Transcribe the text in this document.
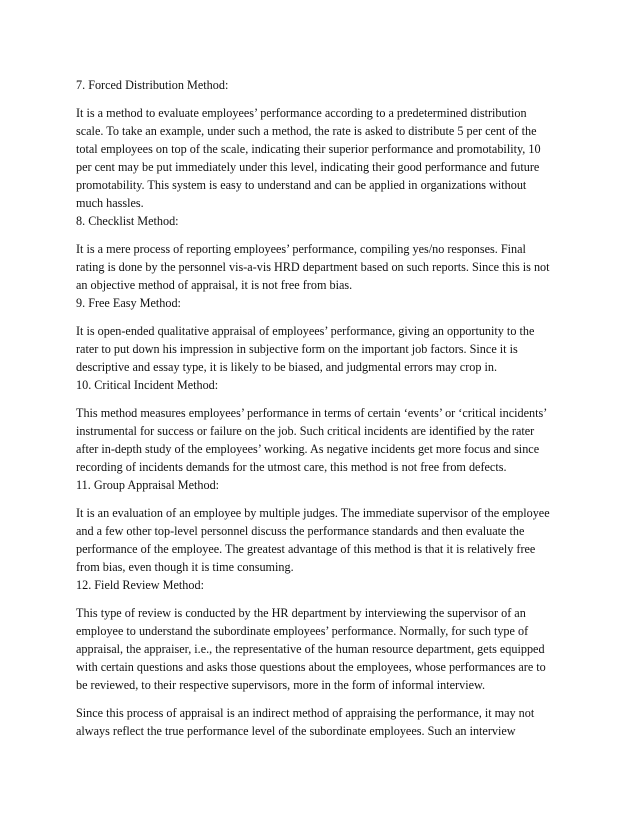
7. Forced Distribution Method:
It is a method to evaluate employees’ performance according to a predetermined distribution
scale. To take an example, under such a method, the rate is asked to distribute 5 per cent of the
total employees on top of the scale, indicating their superior performance and promotability, 10
per cent may be put immediately under this level, indicating their good performance and future
promotability. This system is easy to understand and can be applied in organizations without
much hassles.
8. Checklist Method:
It is a mere process of reporting employees’ performance, compiling yes/no responses. Final
rating is done by the personnel vis-a-vis HRD department based on such reports. Since this is not
an objective method of appraisal, it is not free from bias.
9. Free Easy Method:
It is open-ended qualitative appraisal of employees’ performance, giving an opportunity to the
rater to put down his impression in subjective form on the important job factors. Since it is
descriptive and essay type, it is likely to be biased, and judgmental errors may crop in.
10. Critical Incident Method:
This method measures employees’ performance in terms of certain ‘events’ or ‘critical incidents’
instrumental for success or failure on the job. Such critical incidents are identified by the rater
after in-depth study of the employees’ working. As negative incidents get more focus and since
recording of incidents demands for the utmost care, this method is not free from defects.
11. Group Appraisal Method:
It is an evaluation of an employee by multiple judges. The immediate supervisor of the employee
and a few other top-level personnel discuss the performance standards and then evaluate the
performance of the employee. The greatest advantage of this method is that it is relatively free
from bias, even though it is time consuming.
12. Field Review Method:
This type of review is conducted by the HR department by interviewing the supervisor of an
employee to understand the subordinate employees’ performance. Normally, for such type of
appraisal, the appraiser, i.e., the representative of the human resource department, gets equipped
with certain questions and asks those questions about the employees, whose performances are to
be reviewed, to their respective supervisors, more in the form of informal interview.
Since this process of appraisal is an indirect method of appraising the performance, it may not
always reflect the true performance level of the subordinate employees. Such an interview
